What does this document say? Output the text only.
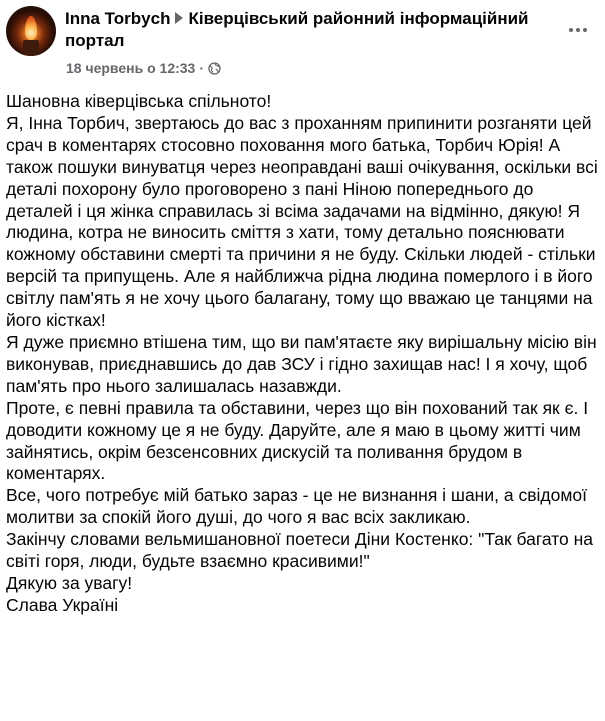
Inna Torbych Ківерцівський районний інформаційний портал
18 червень о 12:33 ·

Шановна ківерцівська спільното!

Я, Інна Торбич, звертаюсь до вас з проханням припинити розганяти цей срач в коментарях стосовно поховання мого батька, Торбич Юрія! А також пошуки винуватця через неоправдані ваші очікування, оскільки всі деталі похорону було проговорено з пані Ніною попереднього до деталей і ця жінка справилась зі всіма задачами на відмінно, дякую! Я людина, котра не виносить сміття з хати, тому детально пояснювати кожному обставини смерті та причини я не буду. Скільки людей - стільки версій та припущень. Але я найближча рідна людина померлого і в його світлу пам'ять я не хочу цього балагану, тому що вважаю це танцями на його кістках!

Я дуже приємно втішена тим, що ви пам'ятаєте яку вирішальну місію він виконував, приєднавшись до дав ЗСУ і гідно захищав нас! І я хочу, щоб пам'ять про нього залишалась назавжди.

Проте, є певні правила та обставини, через що він похований так як є. І доводити кожному це я не буду. Даруйте, але я маю в цьому житті чим зайнятись, окрім безсенсовних дискусій та поливання брудом в коментарях.

Все, чого потребує мій батько зараз - це не визнання і шани, а свідомої молитви за спокій його душі, до чого я вас всіх закликаю.

Закінчу словами вельмишановної поетеси Діни Костенко: "Так багато на світі горя, люди, будьте взаємно красивими!"

Дякую за увагу!

Слава Україні
